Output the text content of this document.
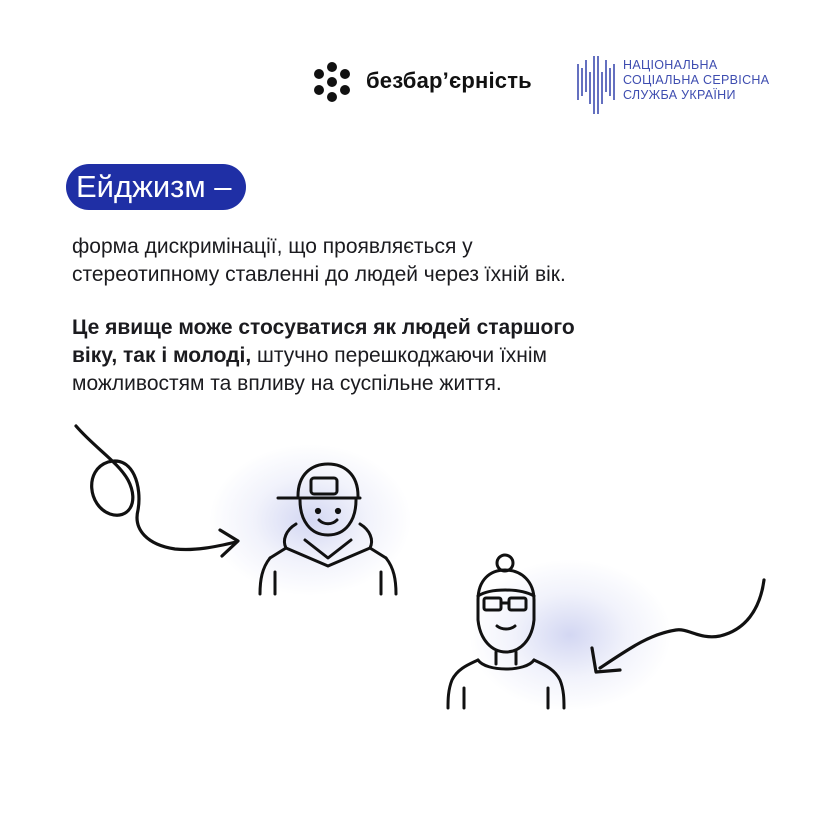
безбар’єрність
НАЦІОНАЛЬНА
СОЦІАЛЬНА СЕРВІСНА
СЛУЖБА УКРАЇНИ
Ейджизм –
форма дискримінації, що проявляється у
стереотипному ставленні до людей через їхній вік.
Це явище може стосуватися як людей старшого
віку, так і молоді, штучно перешкоджаючи їхнім
можливостям та впливу на суспільне життя.
